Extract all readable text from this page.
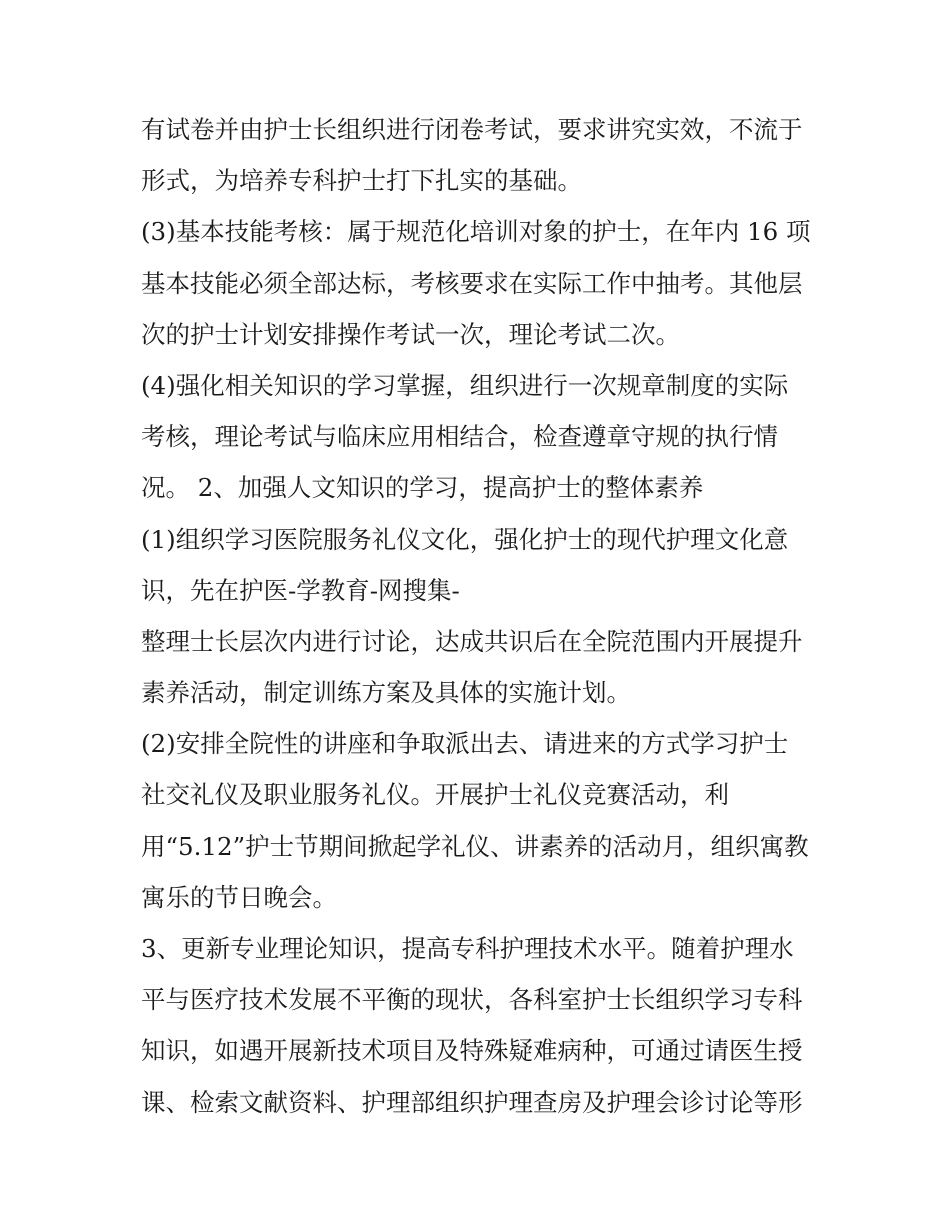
有试卷并由护士长组织进行闭卷考试，要求讲究实效，不流于
形式，为培养专科护士打下扎实的基础。
(3)基本技能考核：属于规范化培训对象的护士，在年内 16 项
基本技能必须全部达标，考核要求在实际工作中抽考。其他层
次的护士计划安排操作考试一次，理论考试二次。
(4)强化相关知识的学习掌握，组织进行一次规章制度的实际
考核，理论考试与临床应用相结合，检查遵章守规的执行情
况。 2、加强人文知识的学习，提高护士的整体素养
(1)组织学习医院服务礼仪文化，强化护士的现代护理文化意
识，先在护医-学教育-网搜集-
整理士长层次内进行讨论，达成共识后在全院范围内开展提升
素养活动，制定训练方案及具体的实施计划。
(2)安排全院性的讲座和争取派出去、请进来的方式学习护士
社交礼仪及职业服务礼仪。开展护士礼仪竞赛活动，利
用“5.12”护士节期间掀起学礼仪、讲素养的活动月，组织寓教
寓乐的节日晚会。
3、更新专业理论知识，提高专科护理技术水平。随着护理水
平与医疗技术发展不平衡的现状，各科室护士长组织学习专科
知识，如遇开展新技术项目及特殊疑难病种，可通过请医生授
课、检索文献资料、护理部组织护理查房及护理会诊讨论等形
